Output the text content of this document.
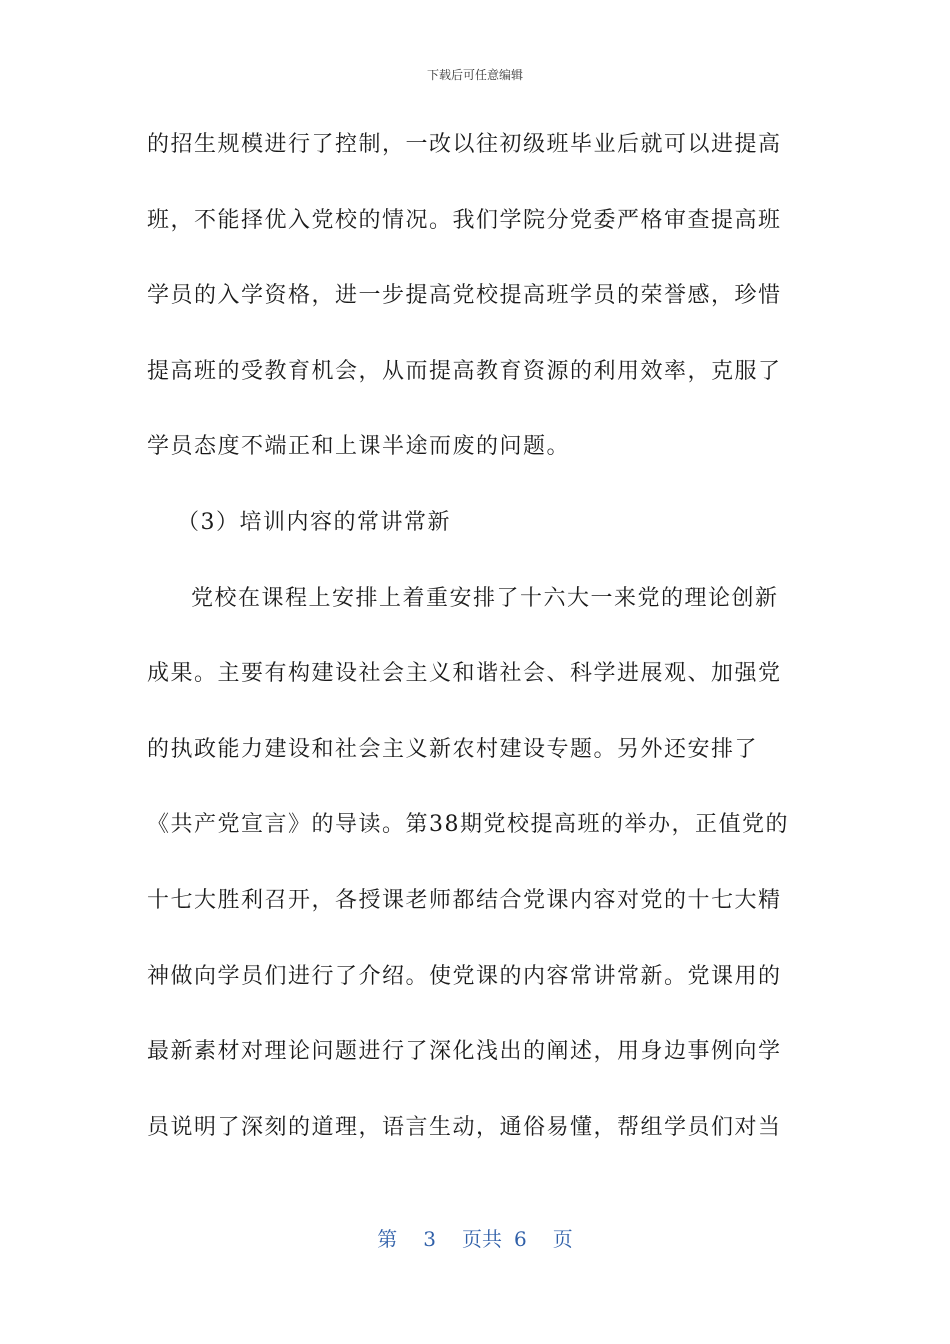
下载后可任意编辑
的招生规模进行了控制，一改以往初级班毕业后就可以进提高
班，不能择优入党校的情况。我们学院分党委严格审查提高班
学员的入学资格，进一步提高党校提高班学员的荣誉感，珍惜
提高班的受教育机会，从而提高教育资源的利用效率，克服了
学员态度不端正和上课半途而废的问题。
（3）培训内容的常讲常新
党校在课程上安排上着重安排了十六大一来党的理论创新
成果。主要有构建设社会主义和谐社会、科学进展观、加强党
的执政能力建设和社会主义新农村建设专题。另外还安排了
《共产党宣言》的导读。第38期党校提高班的举办，正值党的
十七大胜利召开，各授课老师都结合党课内容对党的十七大精
神做向学员们进行了介绍。使党课的内容常讲常新。党课用的
最新素材对理论问题进行了深化浅出的阐述，用身边事例向学
员说明了深刻的道理，语言生动，通俗易懂，帮组学员们对当
第 3 页共 6 页
